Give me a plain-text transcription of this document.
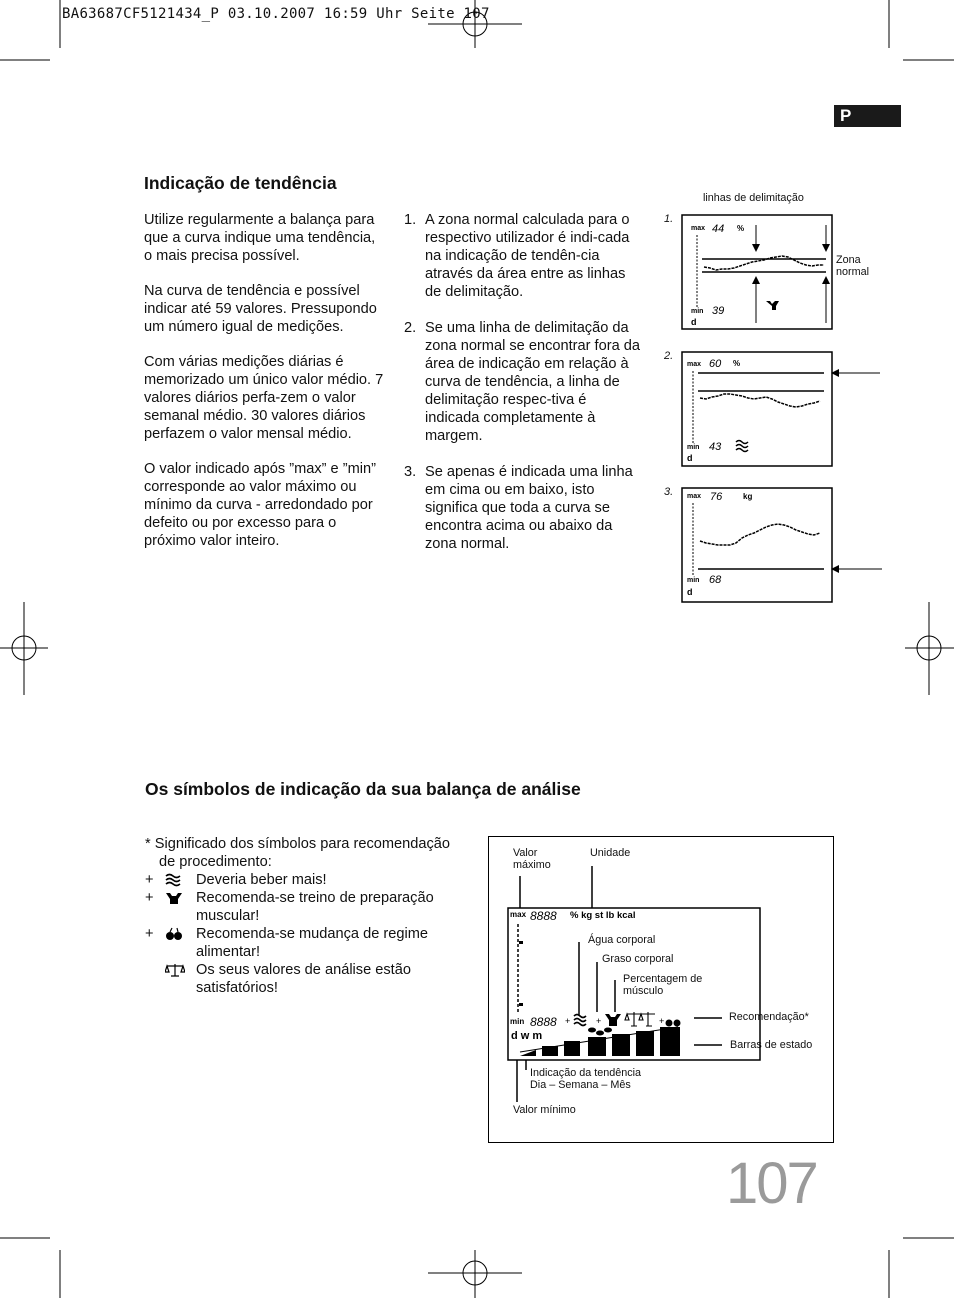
BA63687CF5121434_P 03.10.2007 16:59 Uhr Seite 107
P
Indicação de tendência

Utilize regularmente a balança para que a curva indique uma tendência, o mais precisa possível.

Na curva de tendência e possível indicar até 59 valores. Pressupondo um número igual de medições.

Com várias medições diárias é memorizado um único valor médio. 7 valores diários perfa-zem o valor semanal médio. 30 valores diários perfazem o valor mensal médio.

O valor indicado após ”max” e ”min” corresponde ao valor máximo ou mínimo da curva - arredondado por defeito ou por excesso para o próximo valor inteiro.

1. A zona normal calculada para o respectivo utilizador é indi-cada na indicação de tendên-cia através da área entre as linhas de delimitação.
2. Se uma linha de delimitação da zona normal se encontrar fora da área de indicação em relação à curva de tendência, a linha de delimitação respec-tiva é indicada completamente à margem.
3. Se apenas é indicada uma linha em cima ou em baixo, isto significa que toda a curva se encontra acima ou abaixo da zona normal.
linhas de delimitação
Zona
normal
1.
2.
3.
max 44 %
min 39
d
max 60 %
min 43
d
max 76	kg
min 68
d
Os símbolos de indicação da sua balança de análise
* Significado dos símbolos para recomendação
de procedimento:
+	Deveria beber mais!
+	Recomenda-se treino de preparação
muscular!
+	Recomenda-se mudança de regime
alimentar!
Os seus valores de análise estão
satisfatórios!
Valor
máximo
Unidade
Água corporal
Graso corporal
Percentagem de
músculo
Recomendação*
Barras de estado
Indicação da tendência
Dia – Semana – Mês
Valor mínimo
max 8888 % kg st lb kcal
min 8888
d w m
+	+	+
107
